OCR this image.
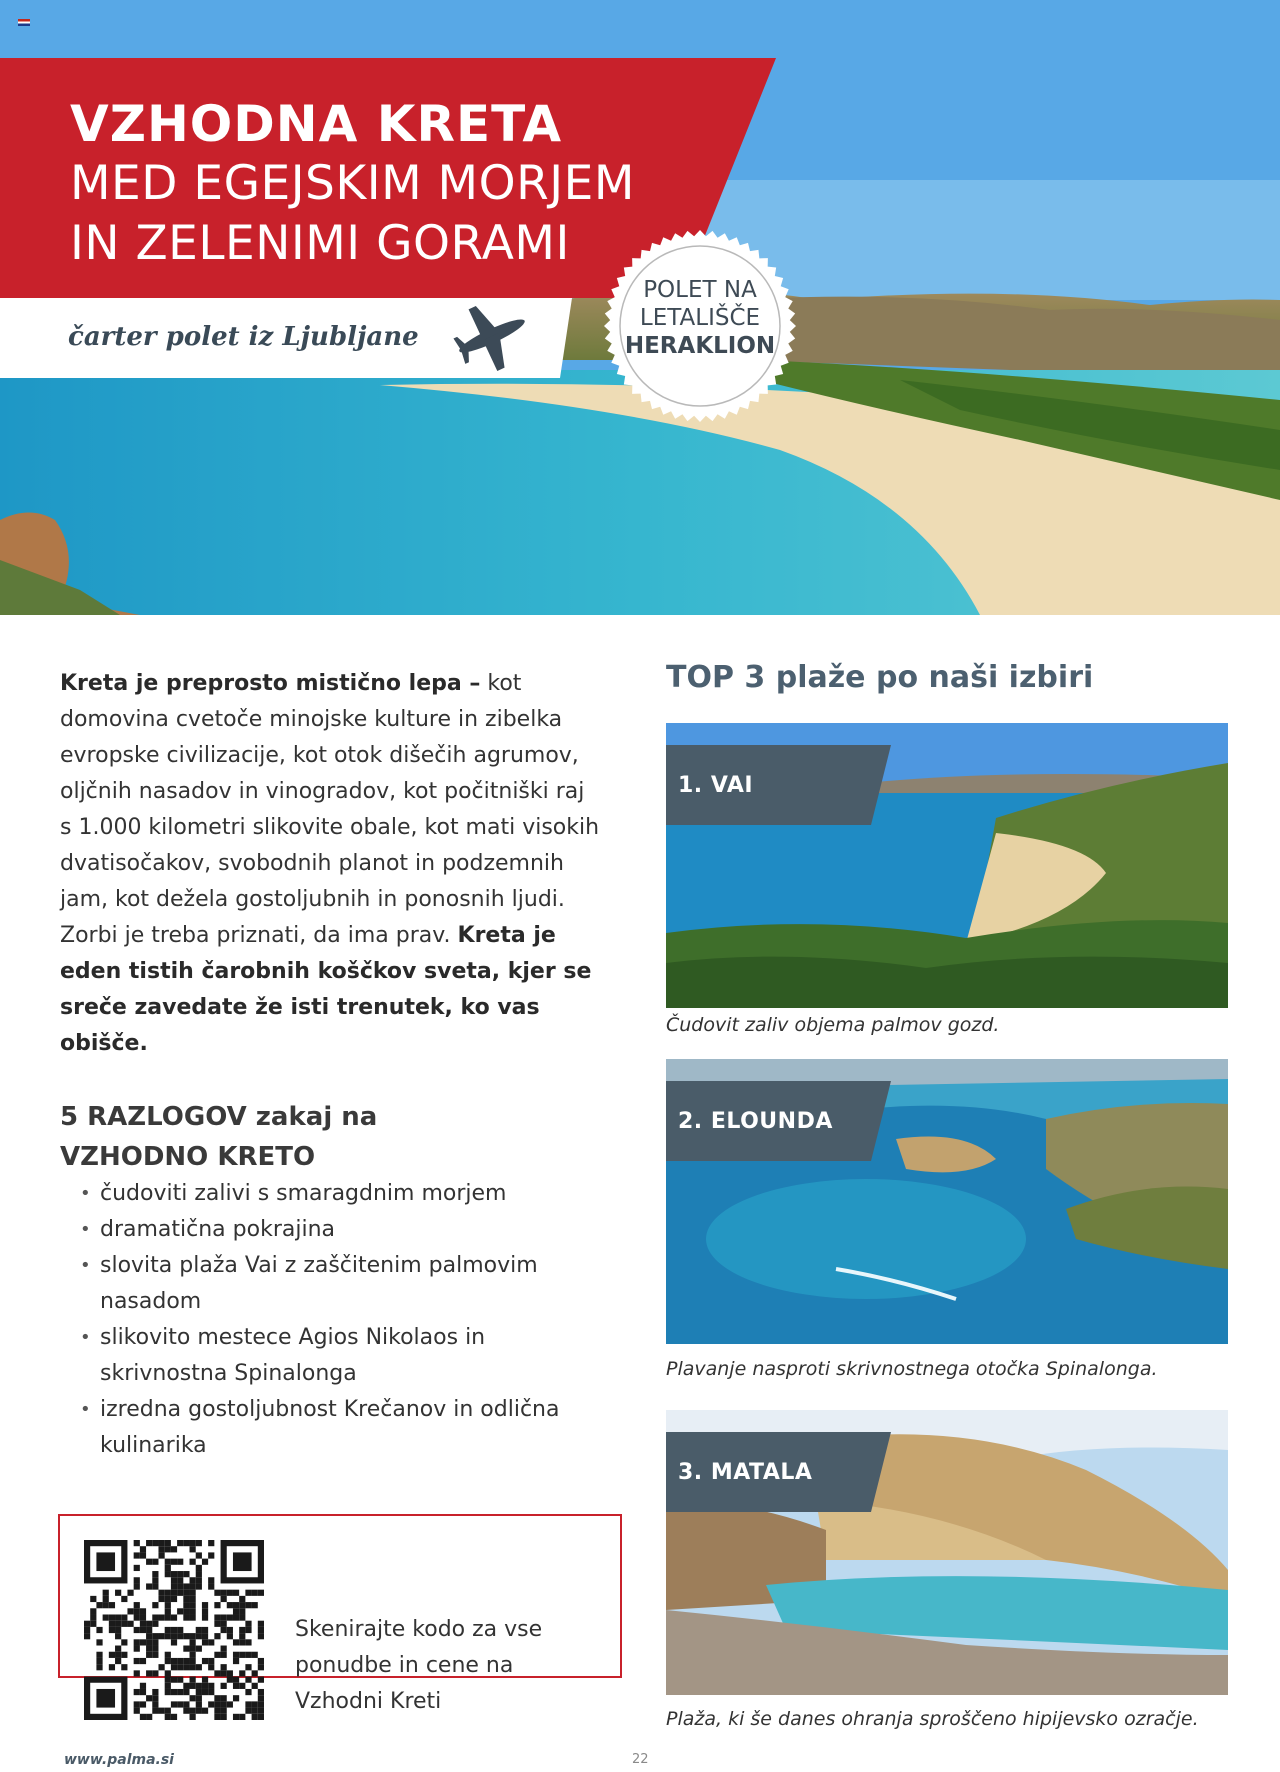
VZHODNA KRETA
MED EGEJSKIM MORJEM
IN ZELENIMI GORAMI
čarter polet iz Ljubljane
POLET NA
LETALIŠČE
HERAKLION
Kreta je preprosto mistično lepa – kot domovina cvetoče minojske kulture in zibelka evropske civilizacije, kot otok dišečih agrumov, oljčnih nasadov in vinogradov, kot počitniški raj s 1.000 kilometri slikovite obale, kot mati visokih dvatisočakov, svobodnih planot in podzemnih jam, kot dežela gostoljubnih in ponosnih ljudi. Zorbi je treba priznati, da ima prav. Kreta je eden tistih čarobnih koščkov sveta, kjer se sreče zavedate že isti trenutek, ko vas obiščе.
5 RAZLOGOV zakaj na
VZHODNO KRETO
• čudoviti zalivi s smaragdnim morjem
• dramatična pokrajina
• slovita plaža Vai z zaščitenim palmovim nasadom
• slikovito mestece Agios Nikolaos in skrivnostna Spinalonga
• izredna gostoljubnost Krečanov in odlična kulinarika
Skenirajte kodo za vse ponudbe in cene na Vzhodni Kreti
TOP 3 plaže po naši izbiri
1. VAI
Čudovit zaliv objema palmov gozd.
2. ELOUNDA
Plavanje nasproti skrivnostnega otočka Spinalonga.
3. MATALA
Plaža, ki še danes ohranja sproščeno hipijevsko ozračje.
www.palma.si	22
